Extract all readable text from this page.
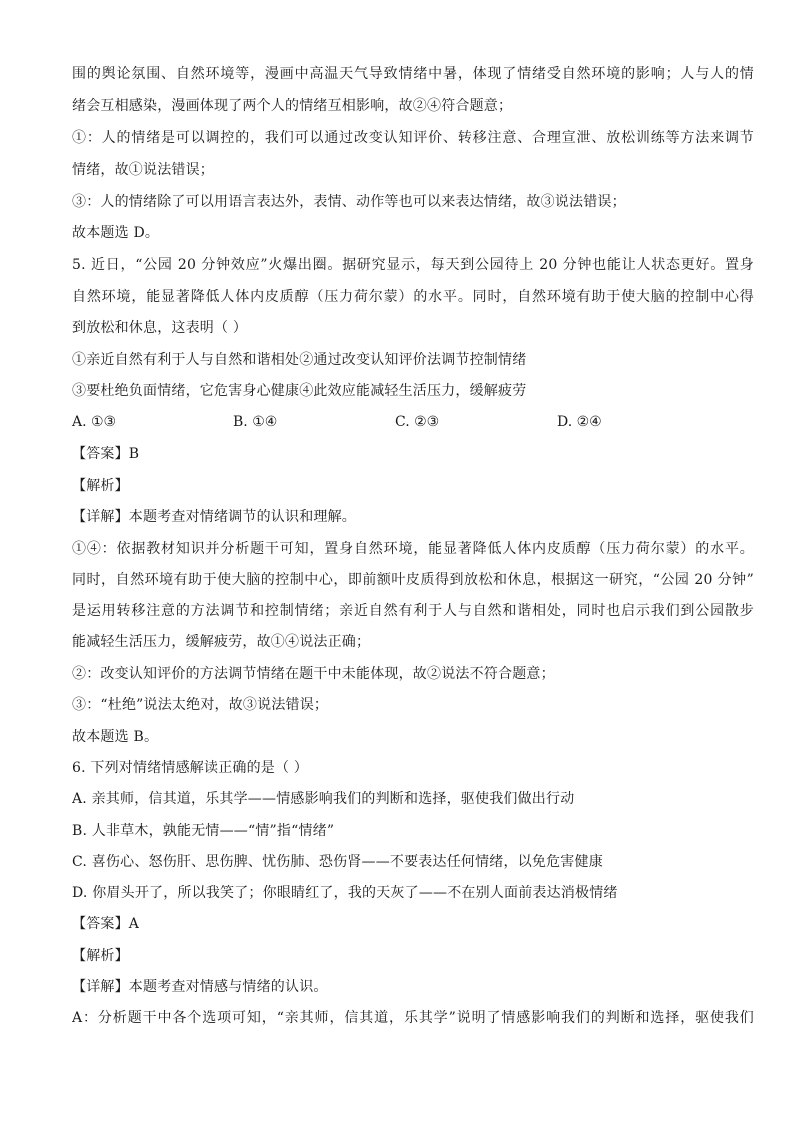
围的舆论氛围、自然环境等，漫画中高温天气导致情绪中暑，体现了情绪受自然环境的影响；人与人的情
绪会互相感染，漫画体现了两个人的情绪互相影响，故②④符合题意；
①：人的情绪是可以调控的，我们可以通过改变认知评价、转移注意、合理宣泄、放松训练等方法来调节
情绪，故①说法错误；
③：人的情绪除了可以用语言表达外，表情、动作等也可以来表达情绪，故③说法错误；
故本题选 D。
5. 近日，“公园 20 分钟效应”火爆出圈。据研究显示，每天到公园待上 20 分钟也能让人状态更好。置身
自然环境，能显著降低人体内皮质醇（压力荷尔蒙）的水平。同时，自然环境有助于使大脑的控制中心得
到放松和休息，这表明（ ）
①亲近自然有利于人与自然和谐相处②通过改变认知评价法调节控制情绪
③要杜绝负面情绪，它危害身心健康④此效应能减轻生活压力，缓解疲劳
A. ①③	B. ①④	C. ②③	D. ②④
【答案】B
【解析】
【详解】本题考查对情绪调节的认识和理解。
①④：依据教材知识并分析题干可知，置身自然环境，能显著降低人体内皮质醇（压力荷尔蒙）的水平。
同时，自然环境有助于使大脑的控制中心，即前额叶皮质得到放松和休息，根据这一研究，“公园 20 分钟”
是运用转移注意的方法调节和控制情绪；亲近自然有利于人与自然和谐相处，同时也启示我们到公园散步
能减轻生活压力，缓解疲劳，故①④说法正确；
②：改变认知评价的方法调节情绪在题干中未能体现，故②说法不符合题意；
③：“杜绝”说法太绝对，故③说法错误；
故本题选 B。
6. 下列对情绪情感解读正确的是（ ）
A. 亲其师，信其道，乐其学——情感影响我们的判断和选择，驱使我们做出行动
B. 人非草木，孰能无情——“情”指“情绪”
C. 喜伤心、怒伤肝、思伤脾、忧伤肺、恐伤肾——不要表达任何情绪，以免危害健康
D. 你眉头开了，所以我笑了；你眼睛红了，我的天灰了——不在别人面前表达消极情绪
【答案】A
【解析】
【详解】本题考查对情感与情绪的认识。
A：分析题干中各个选项可知，“亲其师，信其道，乐其学”说明了情感影响我们的判断和选择，驱使我们
